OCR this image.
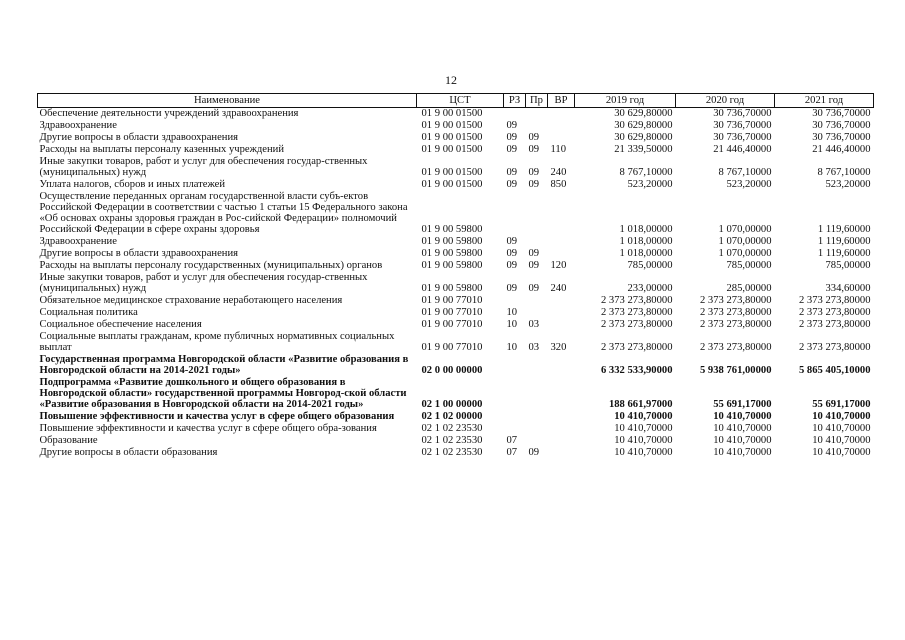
12
Наименование	ЦСТ	РЗ	Пр	ВР	2019 год	2020 год	2021 год
Обеспечение деятельности учреждений здравоохранения	01 9 00 01500				30 629,80000	30 736,70000	30 736,70000
Здравоохранение	01 9 00 01500	09			30 629,80000	30 736,70000	30 736,70000
Другие вопросы в области здравоохранения	01 9 00 01500	09	09		30 629,80000	30 736,70000	30 736,70000
Расходы на выплаты персоналу казенных учреждений	01 9 00 01500	09	09	110	21 339,50000	21 446,40000	21 446,40000
Иные закупки товаров, работ и услуг для обеспечения государ-ственных (муниципальных) нужд	01 9 00 01500	09	09	240	8 767,10000	8 767,10000	8 767,10000
Уплата налогов, сборов и иных платежей	01 9 00 01500	09	09	850	523,20000	523,20000	523,20000
Осуществление переданных органам государственной власти субъ-ектов Российской Федерации в соответствии с частью 1 статьи 15 Федерального закона «Об основах охраны здоровья граждан в Рос-сийской Федерации» полномочий Российской Федерации в сфере охраны здоровья	01 9 00 59800				1 018,00000	1 070,00000	1 119,60000
Здравоохранение	01 9 00 59800	09			1 018,00000	1 070,00000	1 119,60000
Другие вопросы в области здравоохранения	01 9 00 59800	09	09		1 018,00000	1 070,00000	1 119,60000
Расходы на выплаты персоналу государственных (муниципальных) органов	01 9 00 59800	09	09	120	785,00000	785,00000	785,00000
Иные закупки товаров, работ и услуг для обеспечения государ-ственных (муниципальных) нужд	01 9 00 59800	09	09	240	233,00000	285,00000	334,60000
Обязательное медицинское страхование неработающего населения	01 9 00 77010				2 373 273,80000	2 373 273,80000	2 373 273,80000
Социальная политика	01 9 00 77010	10			2 373 273,80000	2 373 273,80000	2 373 273,80000
Социальное обеспечение населения	01 9 00 77010	10	03		2 373 273,80000	2 373 273,80000	2 373 273,80000
Социальные выплаты гражданам, кроме публичных нормативных социальных выплат	01 9 00 77010	10	03	320	2 373 273,80000	2 373 273,80000	2 373 273,80000
Государственная программа Новгородской области «Развитие образования в Новгородской области на 2014-2021 годы»	02 0 00 00000				6 332 533,90000	5 938 761,00000	5 865 405,10000
Подпрограмма «Развитие дошкольного и общего образования в Новгородской области» государственной программы Новгород-ской области «Развитие образования в Новгородской области на 2014-2021 годы»	02 1 00 00000				188 661,97000	55 691,17000	55 691,17000
Повышение эффективности и качества услуг в сфере общего образования	02 1 02 00000				10 410,70000	10 410,70000	10 410,70000
Повышение эффективности и качества услуг в сфере общего обра-зования	02 1 02 23530				10 410,70000	10 410,70000	10 410,70000
Образование	02 1 02 23530	07			10 410,70000	10 410,70000	10 410,70000
Другие вопросы в области образования	02 1 02 23530	07	09		10 410,70000	10 410,70000	10 410,70000
